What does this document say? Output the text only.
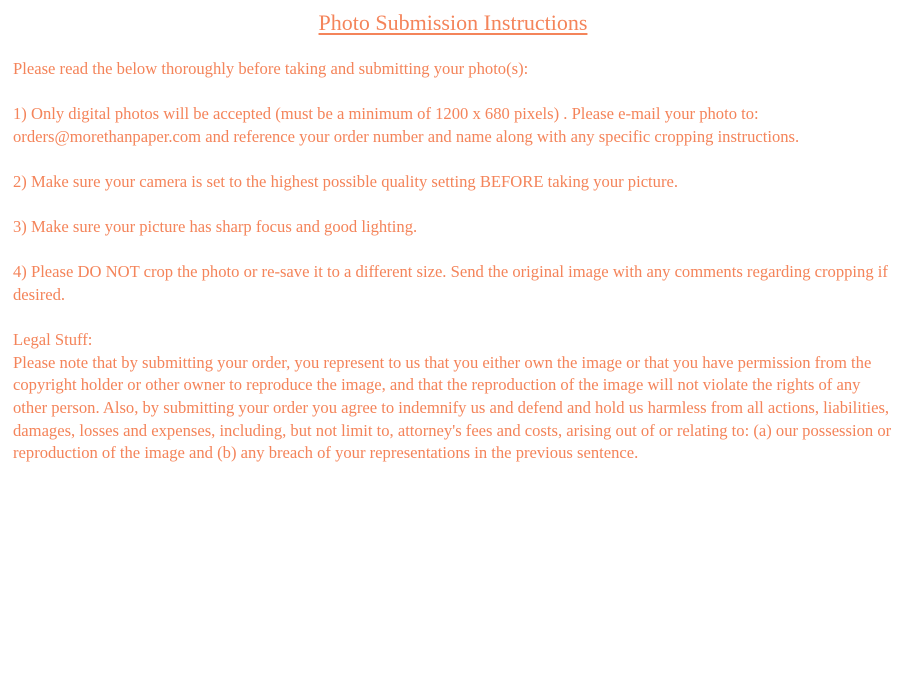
Photo Submission Instructions

Please read the below thoroughly before taking and submitting your photo(s):

1) Only digital photos will be accepted (must be a minimum of 1200 x 680 pixels) . Please e-mail your photo to: orders@morethanpaper.com and reference your order number and name along with any specific cropping instructions.

2) Make sure your camera is set to the highest possible quality setting BEFORE taking your picture.

3) Make sure your picture has sharp focus and good lighting.

4) Please DO NOT crop the photo or re-save it to a different size. Send the original image with any comments regarding cropping if desired.

Legal Stuff:

Please note that by submitting your order, you represent to us that you either own the image or that you have permission from the copyright holder or other owner to reproduce the image, and that the reproduction of the image will not violate the rights of any other person. Also, by submitting your order you agree to indemnify us and defend and hold us harmless from all actions, liabilities, damages, losses and expenses, including, but not limit to, attorney's fees and costs, arising out of or relating to: (a) our possession or reproduction of the image and (b) any breach of your representations in the previous sentence.
